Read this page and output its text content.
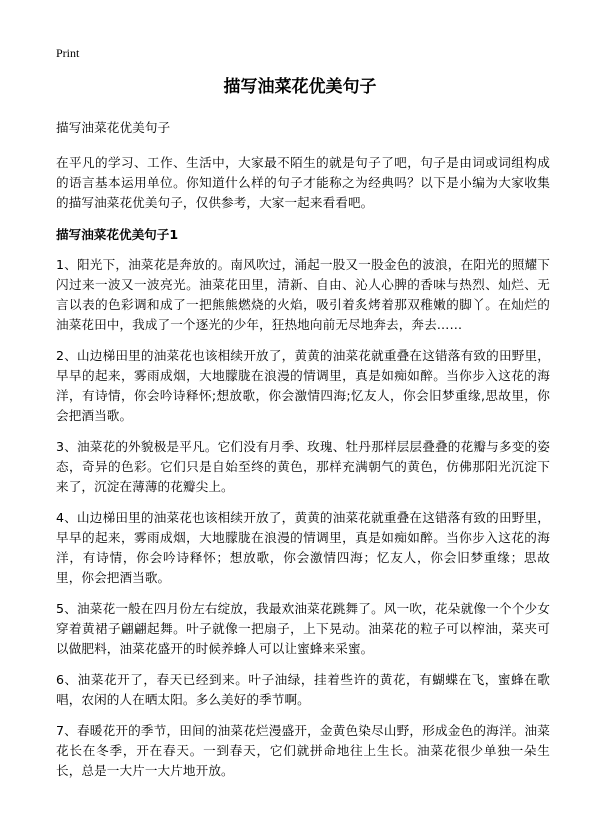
Print
描写油菜花优美句子

描写油菜花优美句子

在平凡的学习、工作、生活中，大家最不陌生的就是句子了吧，句子是由词或词组构成的语言基本运用单位。你知道什么样的句子才能称之为经典吗？以下是小编为大家收集的描写油菜花优美句子，仅供参考，大家一起来看看吧。

描写油菜花优美句子1

1、阳光下，油菜花是奔放的。南风吹过，涌起一股又一股金色的波浪，在阳光的照耀下闪过来一波又一波亮光。油菜花田里，清新、自由、沁人心脾的香味与热烈、灿烂、无言以表的色彩调和成了一把熊熊燃烧的火焰，吸引着炙烤着那双稚嫩的脚丫。在灿烂的油菜花田中，我成了一个逐光的少年，狂热地向前无尽地奔去，奔去……

2、山边梯田里的油菜花也该相续开放了，黄黄的油菜花就重叠在这错落有致的田野里，早早的起来，雾雨成烟，大地朦胧在浪漫的情调里，真是如痴如醉。当你步入这花的海洋，有诗情，你会吟诗释怀;想放歌，你会激情四海;忆友人，你会旧梦重缘,思故里，你会把酒当歌。

3、油菜花的外貌极是平凡。它们没有月季、玫瑰、牡丹那样层层叠叠的花瓣与多变的姿态，奇异的色彩。它们只是自始至终的黄色，那样充满朝气的黄色，仿佛那阳光沉淀下来了，沉淀在薄薄的花瓣尖上。

4、山边梯田里的油菜花也该相续开放了，黄黄的油菜花就重叠在这错落有致的田野里，早早的起来，雾雨成烟，大地朦胧在浪漫的情调里，真是如痴如醉。当你步入这花的海洋，有诗情，你会吟诗释怀；想放歌，你会激情四海；忆友人，你会旧梦重缘；思故里，你会把酒当歌。

5、油菜花一般在四月份左右绽放，我最欢油菜花跳舞了。风一吹，花朵就像一个个少女穿着黄裙子翩翩起舞。叶子就像一把扇子，上下晃动。油菜花的粒子可以榨油，菜夹可以做肥料，油菜花盛开的时候养蜂人可以让蜜蜂来采蜜。

6、油菜花开了，春天已经到来。叶子油绿，挂着些许的黄花，有蝴蝶在飞，蜜蜂在歌唱，农闲的人在晒太阳。多么美好的季节啊。

7、春暖花开的季节，田间的油菜花烂漫盛开，金黄色染尽山野，形成金色的海洋。油菜花长在冬季，开在春天。一到春天，它们就拼命地往上生长。油菜花很少单独一朵生长，总是一大片一大片地开放。
